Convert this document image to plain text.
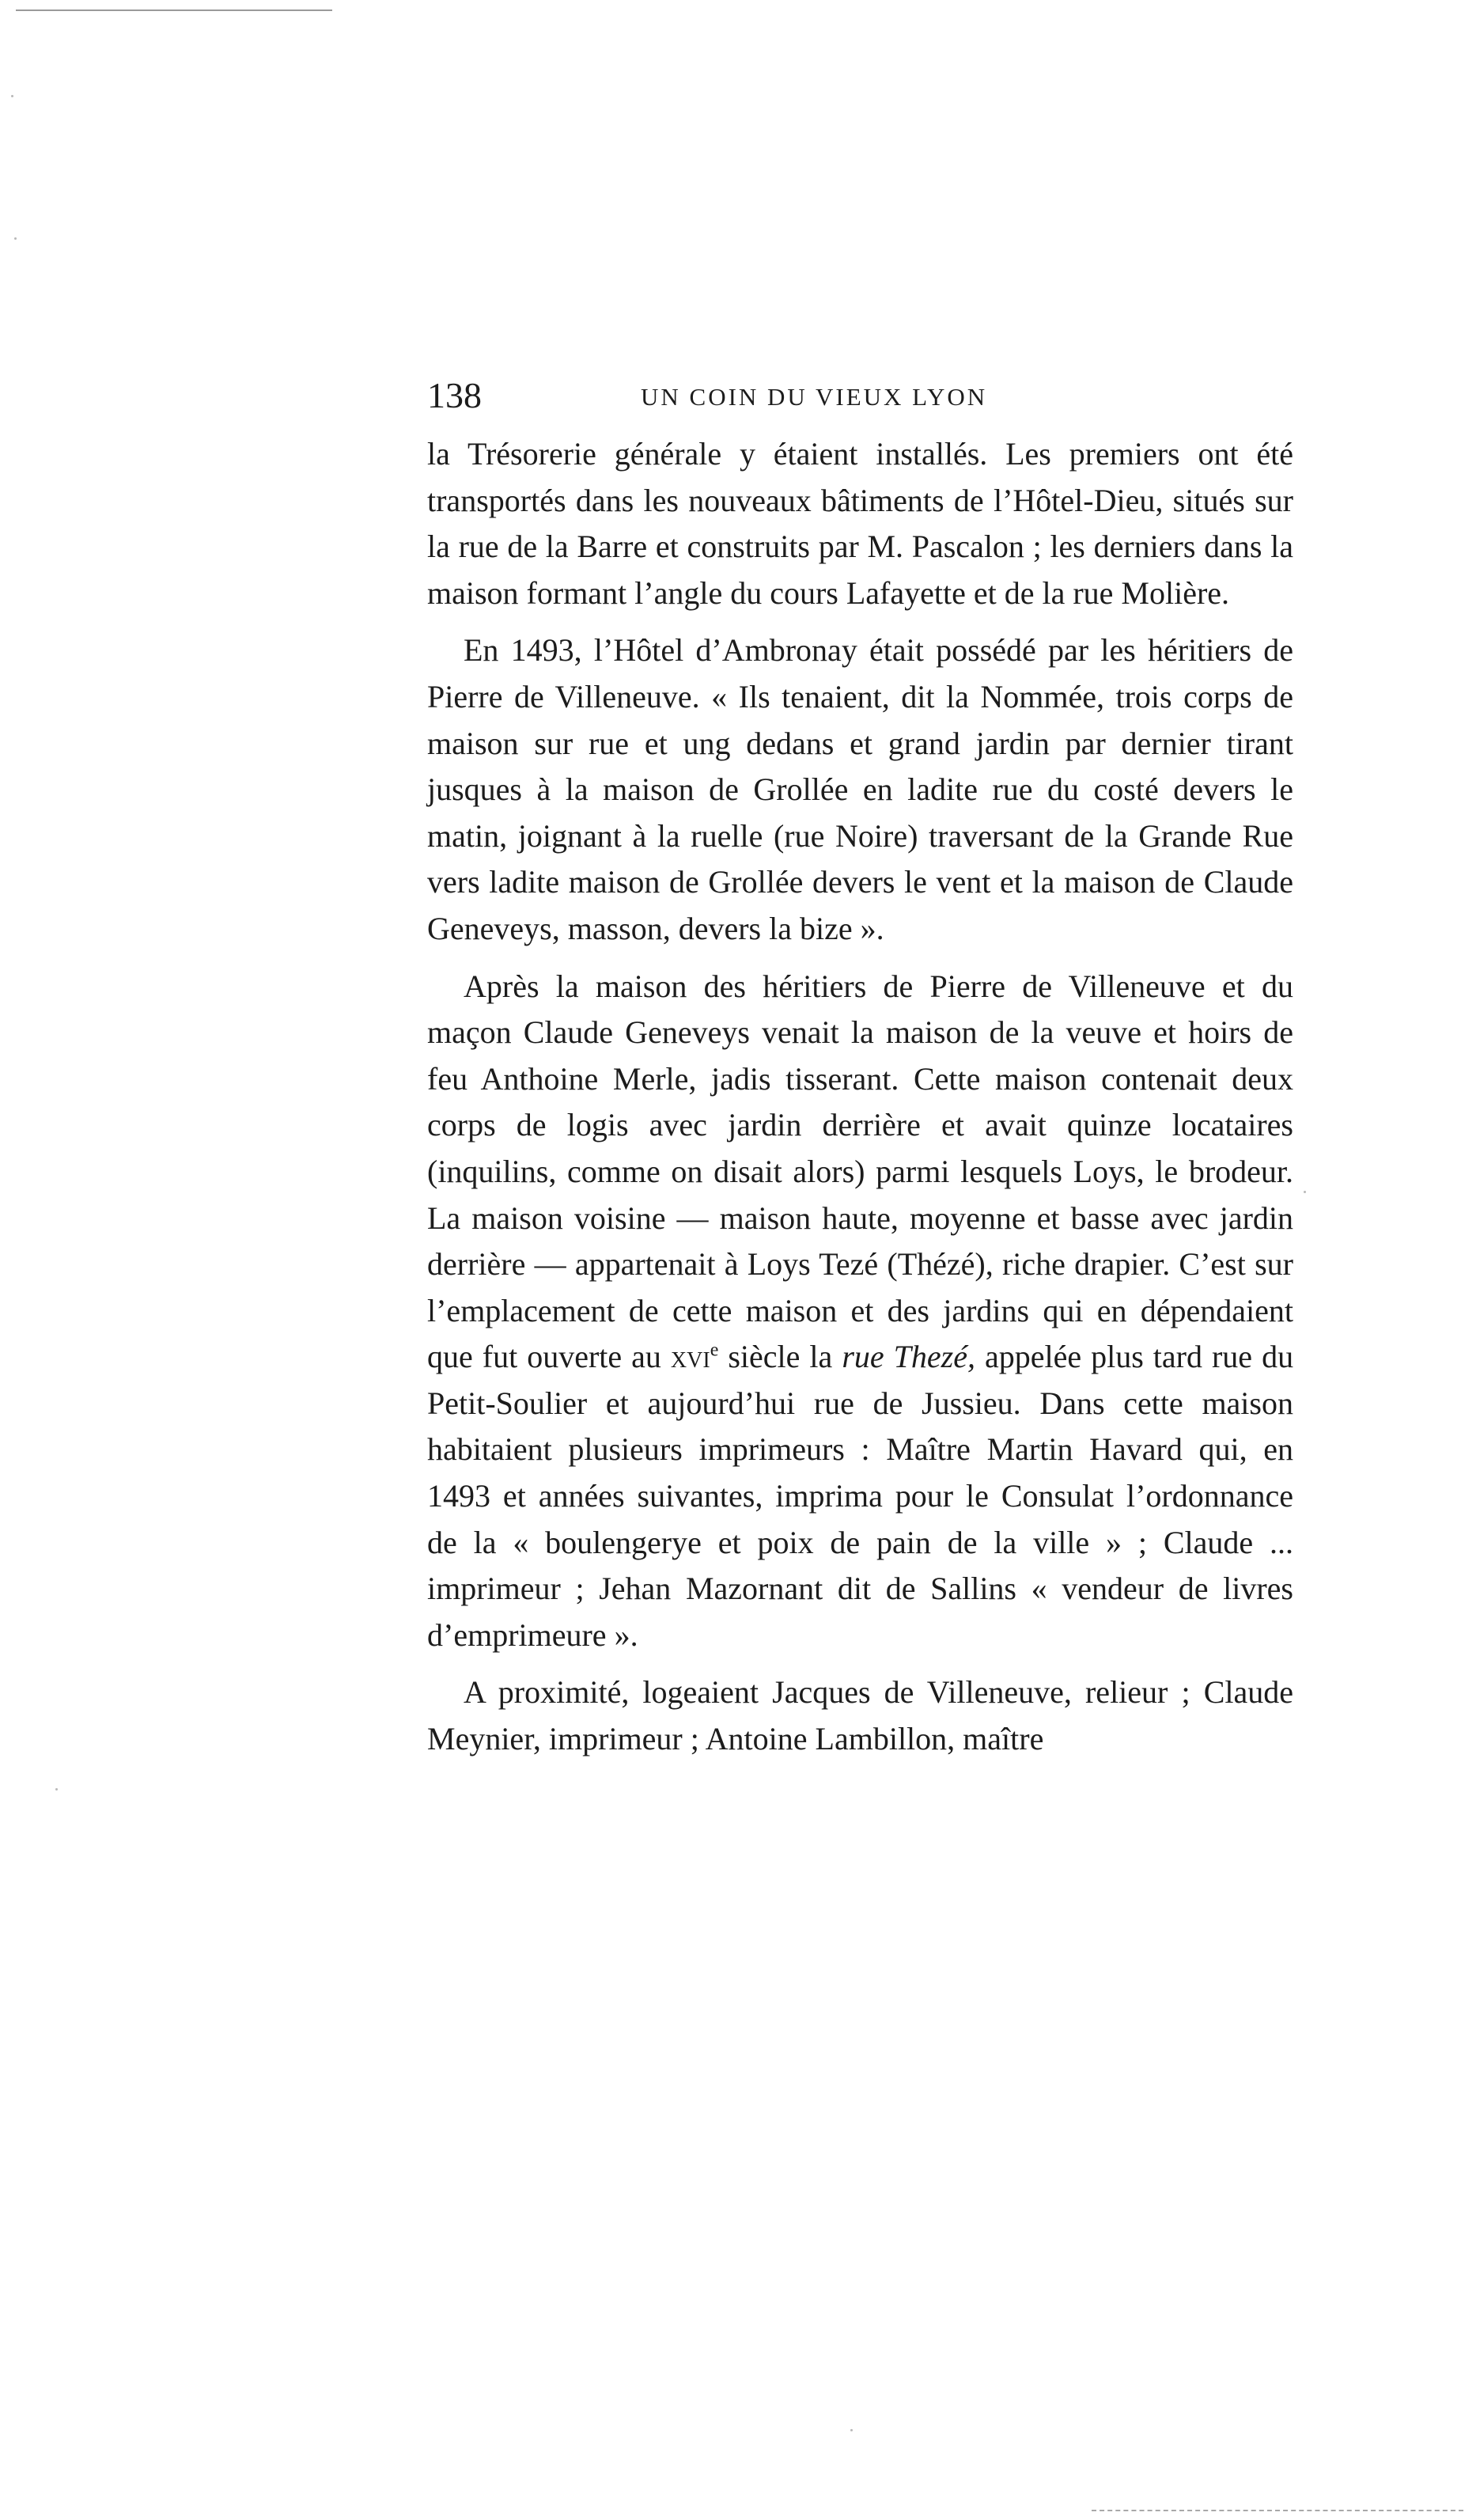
138	UN COIN DU VIEUX LYON

la Trésorerie générale y étaient installés. Les premiers ont été transportés dans les nouveaux bâtiments de l’Hôtel-Dieu, situés sur la rue de la Barre et construits par M. Pascalon ; les derniers dans la maison formant l’angle du cours Lafayette et de la rue Molière.

En 1493, l’Hôtel d’Ambronay était possédé par les héritiers de Pierre de Villeneuve. « Ils tenaient, dit la Nommée, trois corps de maison sur rue et ung dedans et grand jardin par dernier tirant jusques à la maison de Grollée en ladite rue du costé devers le matin, joignant à la ruelle (rue Noire) traversant de la Grande Rue vers ladite maison de Grollée devers le vent et la maison de Claude Geneveys, masson, devers la bize ».

Après la maison des héritiers de Pierre de Villeneuve et du maçon Claude Geneveys venait la maison de la veuve et hoirs de feu Anthoine Merle, jadis tisserant. Cette maison contenait deux corps de logis avec jardin derrière et avait quinze locataires (inquilins, comme on disait alors) parmi lesquels Loys, le brodeur. La maison voisine — maison haute, moyenne et basse avec jardin derrière — appartenait à Loys Tezé (Thézé), riche drapier. C’est sur l’emplacement de cette maison et des jardins qui en dépendaient que fut ouverte au xvi$^e$ siècle la rue Thezé, appelée plus tard rue du Petit-Soulier et aujourd’hui rue de Jussieu. Dans cette maison habitaient plusieurs imprimeurs : Maître Martin Havard qui, en 1493 et années suivantes, imprima pour le Consulat l’ordonnance de la « boulengerye et poix de pain de la ville » ; Claude ... imprimeur ; Jehan Mazornant dit de Sallins « vendeur de livres d’emprimeure ».

A proximité, logeaient Jacques de Villeneuve, relieur ; Claude Meynier, imprimeur ; Antoine Lambillon, maître
